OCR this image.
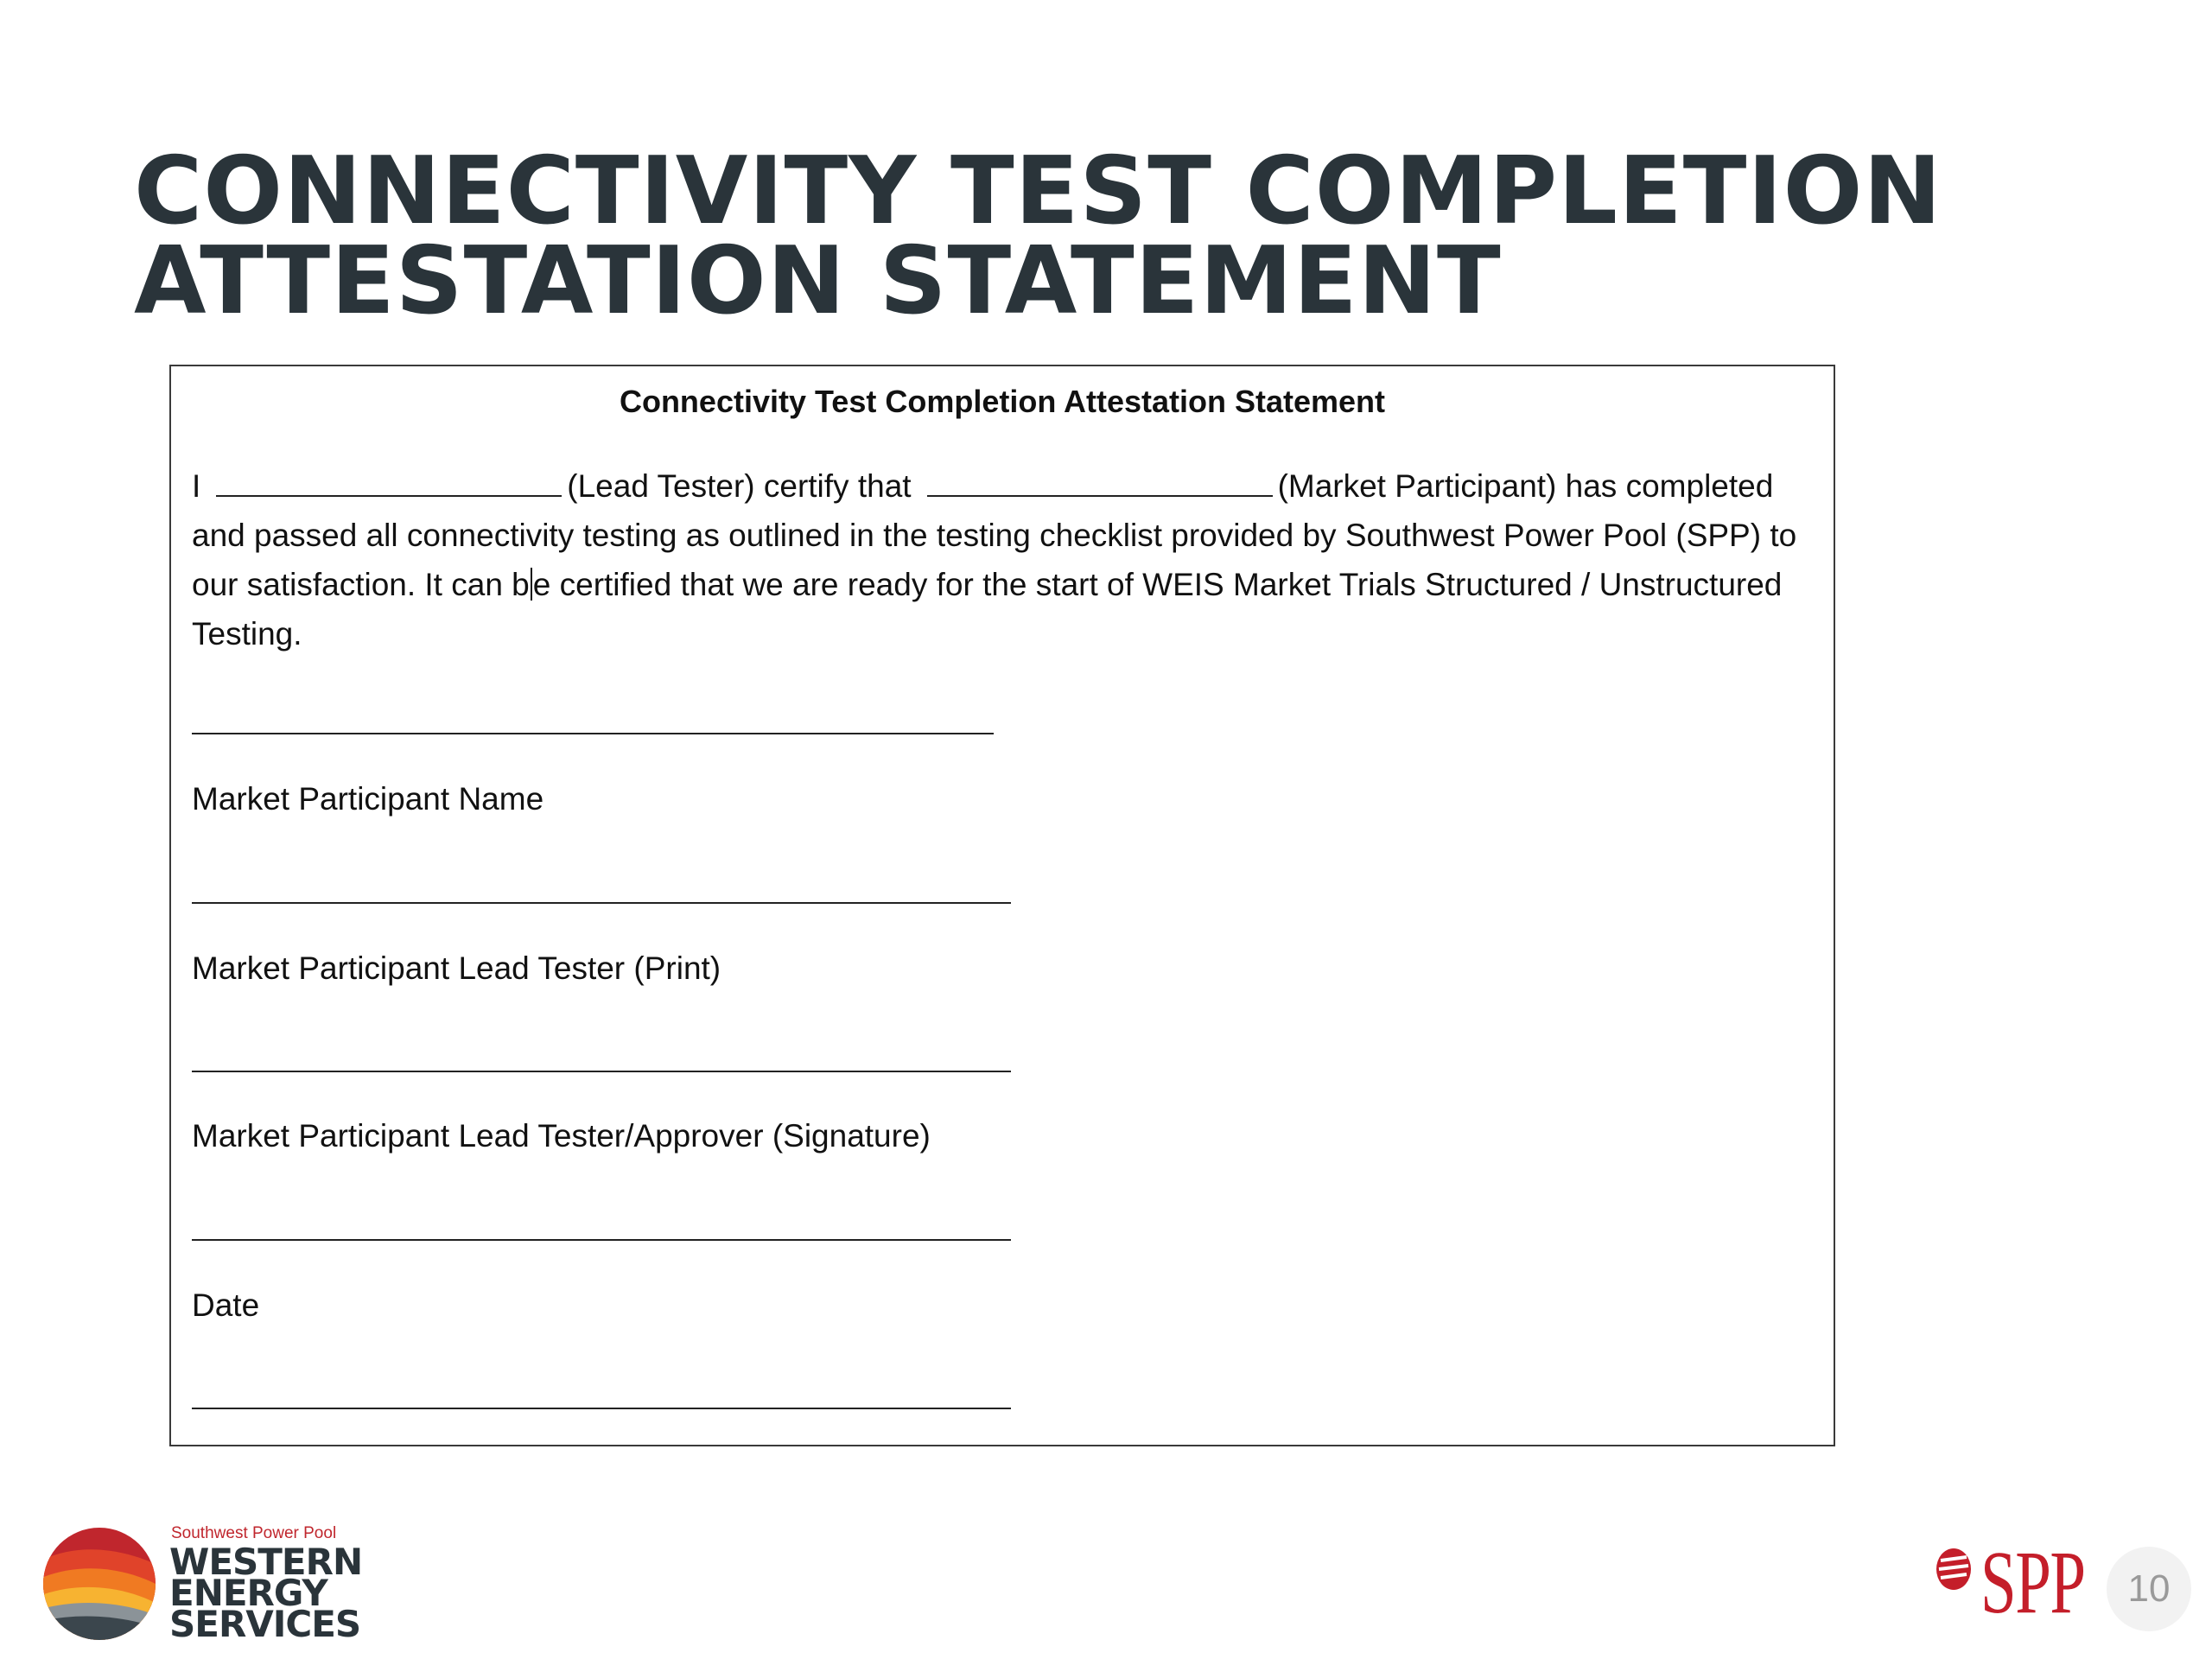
CONNECTIVITY TEST COMPLETION
ATTESTATION STATEMENT
Connectivity Test Completion Attestation Statement
I	(Lead Tester) certify that	(Market Participant) has completed and passed all connectivity testing as outlined in the testing checklist provided by Southwest Power Pool (SPP) to our satisfaction. It can b e certified that we are ready for the start of WEIS Market Trials Structured / Unstructured Testing.
Market Participant Name
Market Participant Lead Tester (Print)
Market Participant Lead Tester/Approver (Signature)
Date
Southwest Power Pool
WESTERN
ENERGY
SERVICES	SPP	10
